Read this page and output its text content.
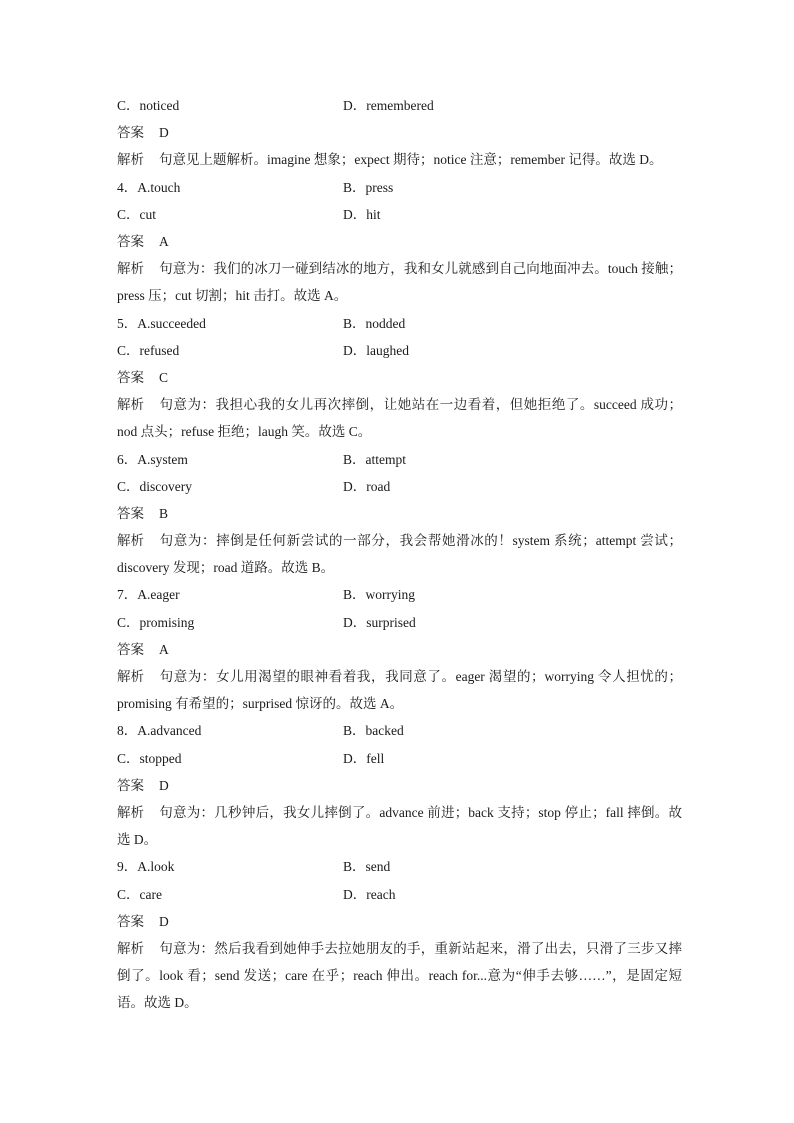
C．noticed	D．remembered
答案 D
解析 句意见上题解析。imagine 想象；expect 期待；notice 注意；remember 记得。故选 D。
4．A.touch	B．press
C．cut	D．hit
答案 A
解析 句意为：我们的冰刀一碰到结冰的地方，我和女儿就感到自己向地面冲去。touch 接触；press 压；cut 切割；hit 击打。故选 A。
5．A.succeeded	B．nodded
C．refused	D．laughed
答案 C
解析 句意为：我担心我的女儿再次摔倒，让她站在一边看着，但她拒绝了。succeed 成功；nod 点头；refuse 拒绝；laugh 笑。故选 C。
6．A.system	B．attempt
C．discovery	D．road
答案 B
解析 句意为：摔倒是任何新尝试的一部分，我会帮她滑冰的！system 系统；attempt 尝试；discovery 发现；road 道路。故选 B。
7．A.eager	B．worrying
C．promising	D．surprised
答案 A
解析 句意为：女儿用渴望的眼神看着我，我同意了。eager 渴望的；worrying 令人担忧的；promising 有希望的；surprised 惊讶的。故选 A。
8．A.advanced	B．backed
C．stopped	D．fell
答案 D
解析 句意为：几秒钟后，我女儿摔倒了。advance 前进；back 支持；stop 停止；fall 摔倒。故选 D。
9．A.look	B．send
C．care	D．reach
答案 D
解析 句意为：然后我看到她伸手去拉她朋友的手，重新站起来，滑了出去，只滑了三步又摔倒了。look 看；send 发送；care 在乎；reach 伸出。reach for...意为“伸手去够……”，是固定短语。故选 D。
